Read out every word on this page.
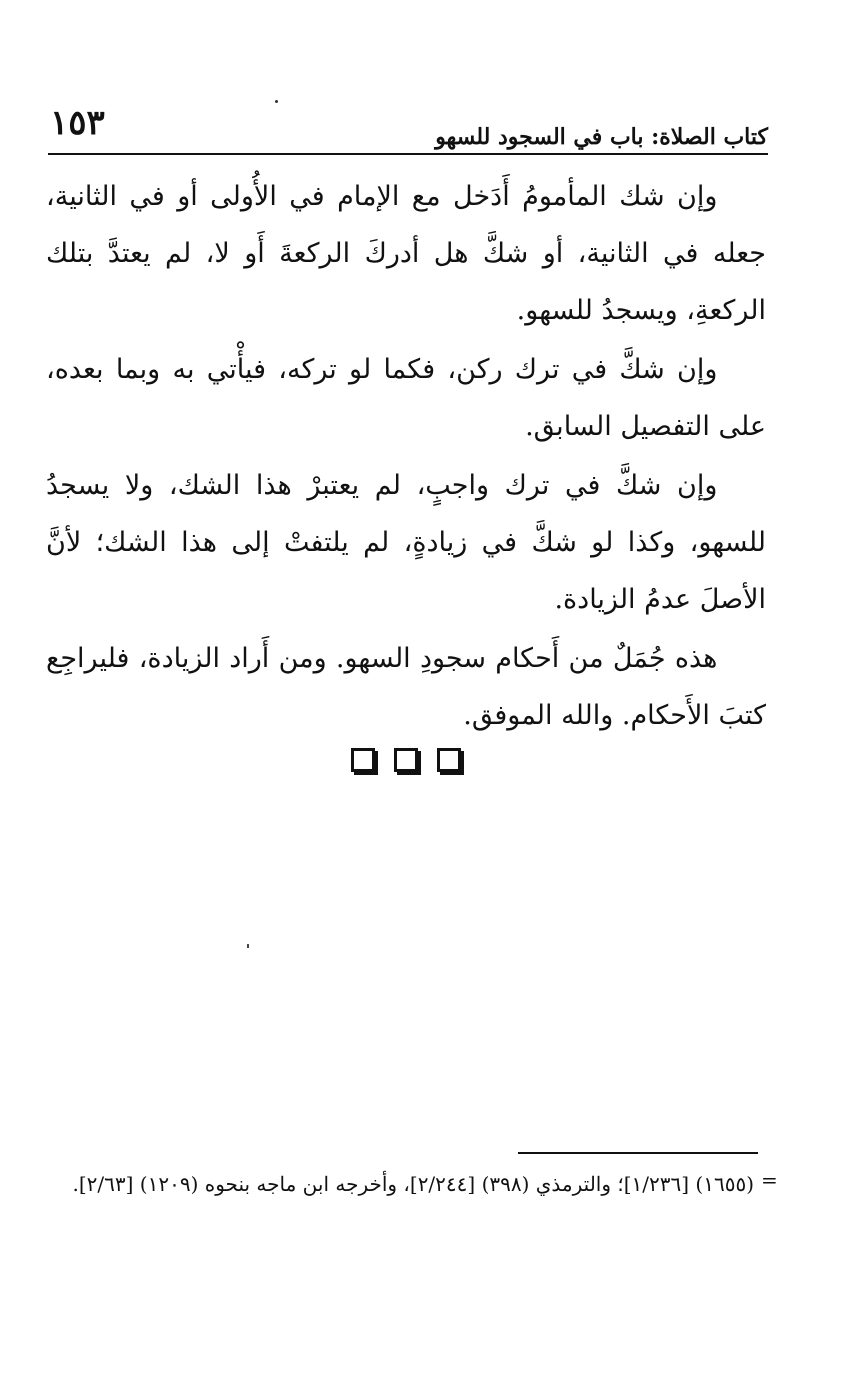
١٥٣	كتاب الصلاة: باب في السجود للسهو

وإن شك المأمومُ أَدَخل مع الإمام في الأُولى أو في الثانية، جعله في الثانية، أو شكَّ هل أدركَ الركعةَ أَو لا، لم يعتدَّ بتلك الركعةِ، ويسجدُ للسهو.

وإن شكَّ في ترك ركن، فكما لو تركه، فيأْتي به وبما بعده، على التفصيل السابق.

وإن شكَّ في ترك واجبٍ، لم يعتبرْ هذا الشك، ولا يسجدُ للسهو، وكذا لو شكَّ في زيادةٍ، لم يلتفتْ إلى هذا الشك؛ لأنَّ الأصلَ عدمُ الزيادة.

هذه جُمَلٌ من أَحكام سجودِ السهو. ومن أَراد الزيادة، فليراجِع كتبَ الأَحكام. والله الموفق.

=
(١٦٥٥) [١/٢٣٦]؛ والترمذي (٣٩٨) [٢/٢٤٤]، وأخرجه ابن ماجه بنحوه (١٢٠٩) [٢/٦٣].
